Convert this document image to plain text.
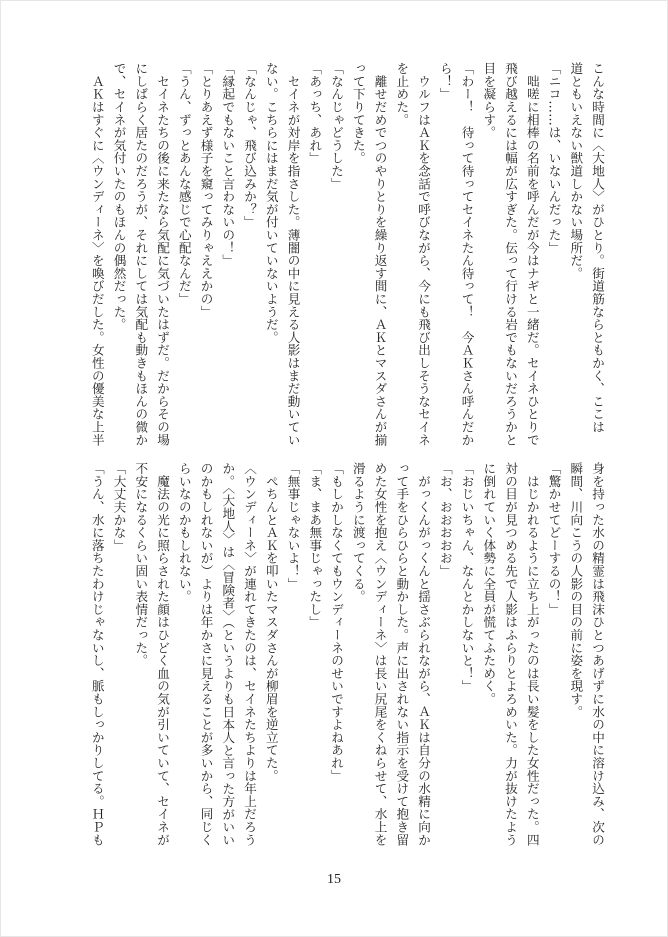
こんな時間に〈大地人〉がひとり。街道筋ならともかく、ここは

道ともいえない獣道しかない場所だ。

「ニコ……は、いないんだった」

　咄嗟に相棒の名前を呼んだが今はナギと一緒だ。セイネひとりで

飛び越えるには幅が広すぎた。伝って行ける岩でもないだろうかと

目を凝らす。

「わー！　待って待ってセイネたん待って！　今ＡＫさん呼んだか

ら！」

　ウルフはＡＫを念話で呼びながら、今にも飛び出しそうなセイネ

を止めた。

　離せだめでつのやりとりを繰り返す間に、ＡＫとマスダさんが揃

って下りてきた。

「なんじゃどうした」

「あっち、あれ」

　セイネが対岸を指さした。薄闇の中に見える人影はまだ動いてい

ない。こちらにはまだ気が付いていないようだ。

「なんじゃ、飛び込みか？」

「縁起でもないこと言わないの！」

「とりあえず様子を窺ってみりゃええかの」

「うん、ずっとあんな感じで心配なんだ」

　セイネたちの後に来たなら気配に気づいたはずだ。だからその場

にしばらく居たのだろうが、それにしては気配も動きもほんの微か

で、セイネが気付いたのもほんの偶然だった。

　ＡＫはすぐに〈ウンディーネ〉を喚びだした。女性の優美な上半

身を持った水の精霊は飛沫ひとつあげずに水の中に溶け込み、次の

瞬間、川向こうの人影の目の前に姿を現す。

「驚かせてどーするの！」

　はじかれるように立ち上がったのは長い髪をした女性だった。四

対の目が見つめる先で人影はふらりとよろめいた。力が抜けたよう

に倒れていく体勢に全員が慌てふためく。

「おじいちゃん、なんとかしないと！」

「お、おおおおお」

　がっくんがっくんと揺さぶられながら、ＡＫは自分の水精に向か

って手をひらひらと動かした。声に出されない指示を受けて抱き留

めた女性を抱え〈ウンディーネ〉は長い尻尾をくねらせて、水上を

滑るように渡ってくる。

「もしかしなくてもウンディーネのせいですよねあれ」

「ま、まあ無事じゃったし」

「無事じゃないよ！」

　ぺちんとＡＫを叩いたマスダさんが柳眉を逆立てた。

〈ウンディーネ〉が連れてきたのは、セイネたちよりは年上だろう

か。〈大地人〉は〈冒険者〉（というよりも日本人と言った方がいい

のかもしれないが）よりは年かさに見えることが多いから、同じく

らいなのかもしれない。

　魔法の光に照らされた顔はひどく血の気が引いていて、セイネが

不安になるくらい固い表情だった。

「大丈夫かな」

「うん、水に落ちたわけじゃないし、脈もしっかりしてる。ＨＰも

15
